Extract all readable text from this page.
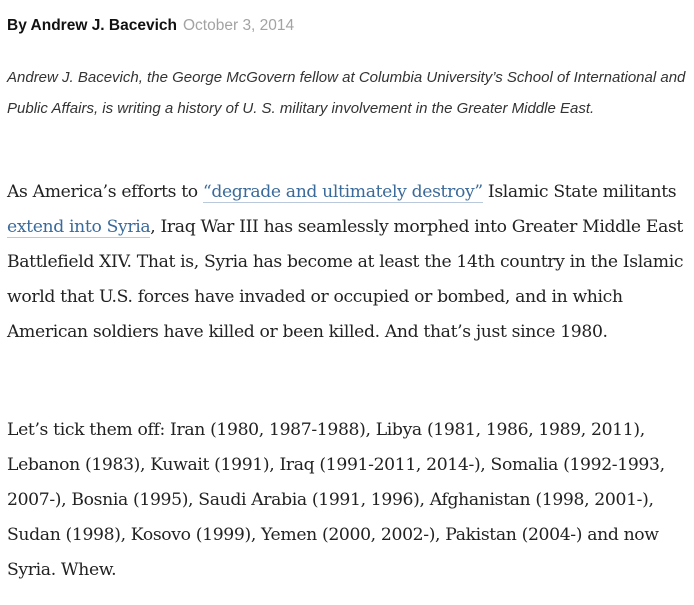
By Andrew J. Bacevich October 3, 2014
Andrew J. Bacevich, the George McGovern fellow at Columbia University’s School of International and Public Affairs, is writing a history of U. S. military involvement in the Greater Middle East.

As America’s efforts to “degrade and ultimately destroy” Islamic State militants extend into Syria, Iraq War III has seamlessly morphed into Greater Middle East Battlefield XIV. That is, Syria has become at least the 14th country in the Islamic world that U.S. forces have invaded or occupied or bombed, and in which American soldiers have killed or been killed. And that’s just since 1980.

Let’s tick them off: Iran (1980, 1987-1988), Libya (1981, 1986, 1989, 2011), Lebanon (1983), Kuwait (1991), Iraq (1991-2011, 2014-), Somalia (1992-1993, 2007-), Bosnia (1995), Saudi Arabia (1991, 1996), Afghanistan (1998, 2001-), Sudan (1998), Kosovo (1999), Yemen (2000, 2002-), Pakistan (2004-) and now Syria. Whew.
